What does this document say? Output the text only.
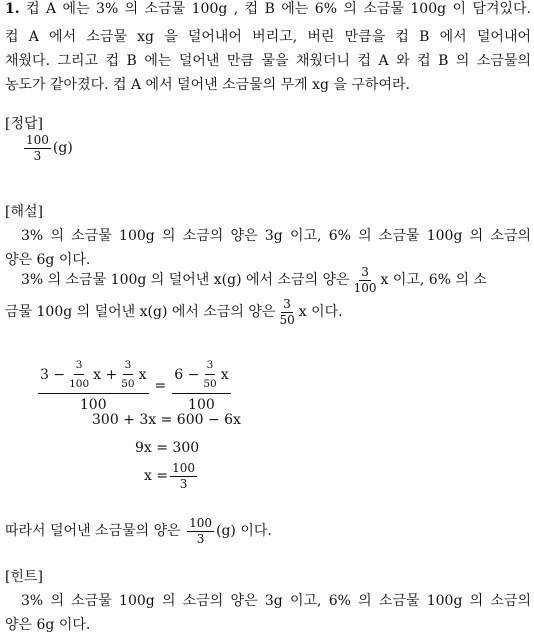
1. 컵 A 에는 3% 의 소금물 100g , 컵 B 에는 6% 의 소금물 100g 이 담겨있다.
컵 A 에서 소금물 xg 을 덜어내어 버리고, 버린 만큼을 컵 B 에서 덜어내어
채웠다. 그리고 컵 B 에는 덜어낸 만큼 물을 채웠더니 컵 A 와 컵 B 의 소금물의
농도가 같아졌다. 컵 A 에서 덜어낸 소금물의 무게 xg 을 구하여라.
[정답]
$\frac{100}{3} (g)$
[해설]
3% 의 소금물 100g 의 소금의 양은 3g 이고, 6% 의 소금물 100g 의 소금의
양은 6g 이다.
3% 의 소금물 100g 의 덜어낸 x(g) 에서 소금의 양은 $\frac{3}{100}$ x 이고, 6% 의 소
금물 100g 의 덜어낸 x(g) 에서 소금의 양은 $\frac{3}{50}$ x 이다.
$\frac{3 - \frac{3}{100} x + \frac{3}{50} x}{100} = \frac{6 - \frac{3}{50} x}{100}$
300 + 3x = 600 − 6x
9x = 300
$x = \frac{100}{3}$
따라서 덜어낸 소금물의 양은 $\frac{100}{3} (g)$ 이다.
[힌트]
3% 의 소금물 100g 의 소금의 양은 3g 이고, 6% 의 소금물 100g 의 소금의
양은 6g 이다.
